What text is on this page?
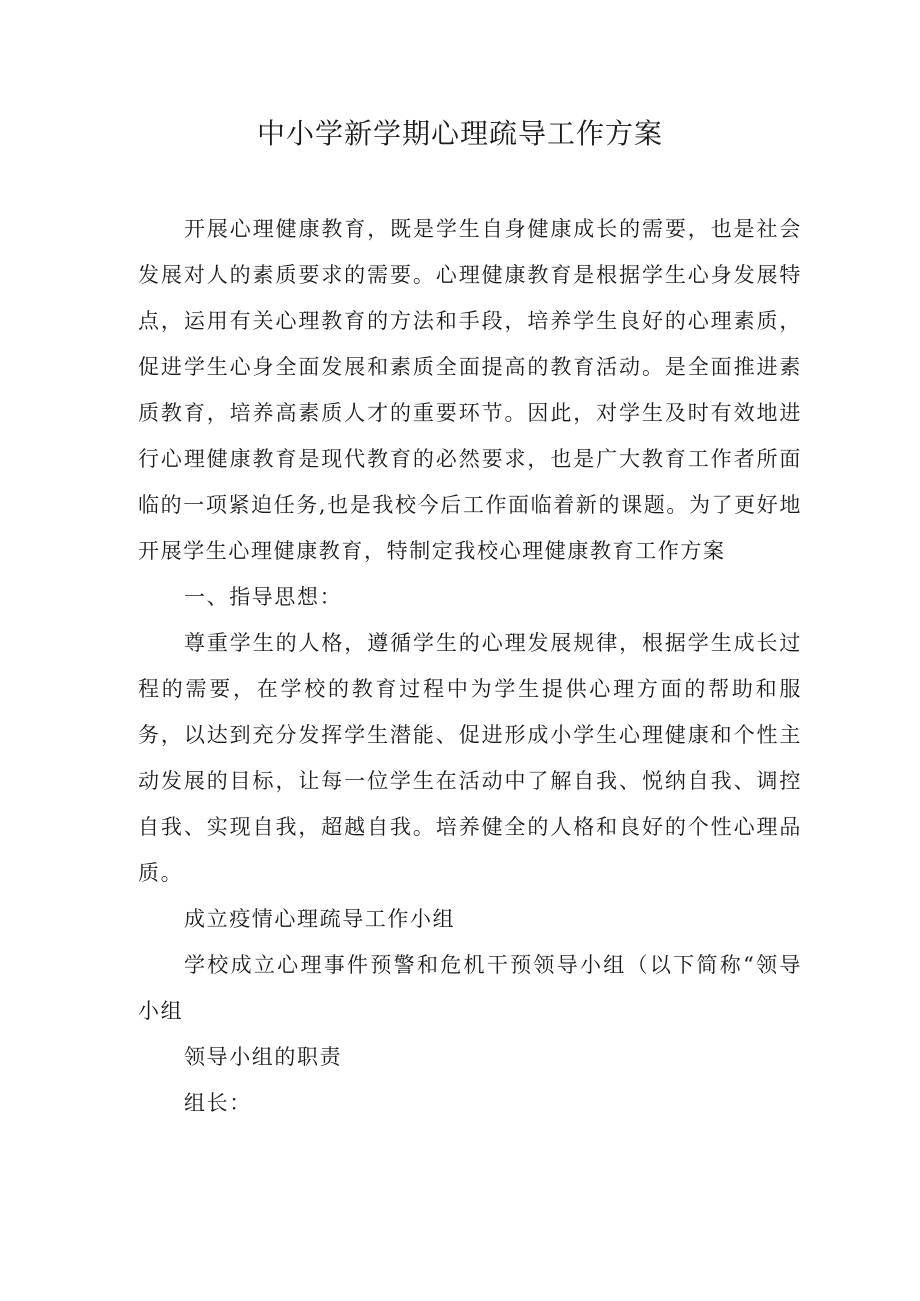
中小学新学期心理疏导工作方案

开展心理健康教育，既是学生自身健康成长的需要，也是社会发展对人的素质要求的需要。心理健康教育是根据学生心身发展特点，运用有关心理教育的方法和手段，培养学生良好的心理素质，促进学生心身全面发展和素质全面提高的教育活动。是全面推进素质教育，培养高素质人才的重要环节。因此，对学生及时有效地进行心理健康教育是现代教育的必然要求，也是广大教育工作者所面临的一项紧迫任务,也是我校今后工作面临着新的课题。为了更好地开展学生心理健康教育，特制定我校心理健康教育工作方案

一、指导思想：

尊重学生的人格，遵循学生的心理发展规律，根据学生成长过程的需要，在学校的教育过程中为学生提供心理方面的帮助和服务，以达到充分发挥学生潜能、促进形成小学生心理健康和个性主动发展的目标，让每一位学生在活动中了解自我、悦纳自我、调控自我、实现自我，超越自我。培养健全的人格和良好的个性心理品质。

成立疫情心理疏导工作小组

学校成立心理事件预警和危机干预领导小组（以下简称“领导小组

领导小组的职责

组长：
